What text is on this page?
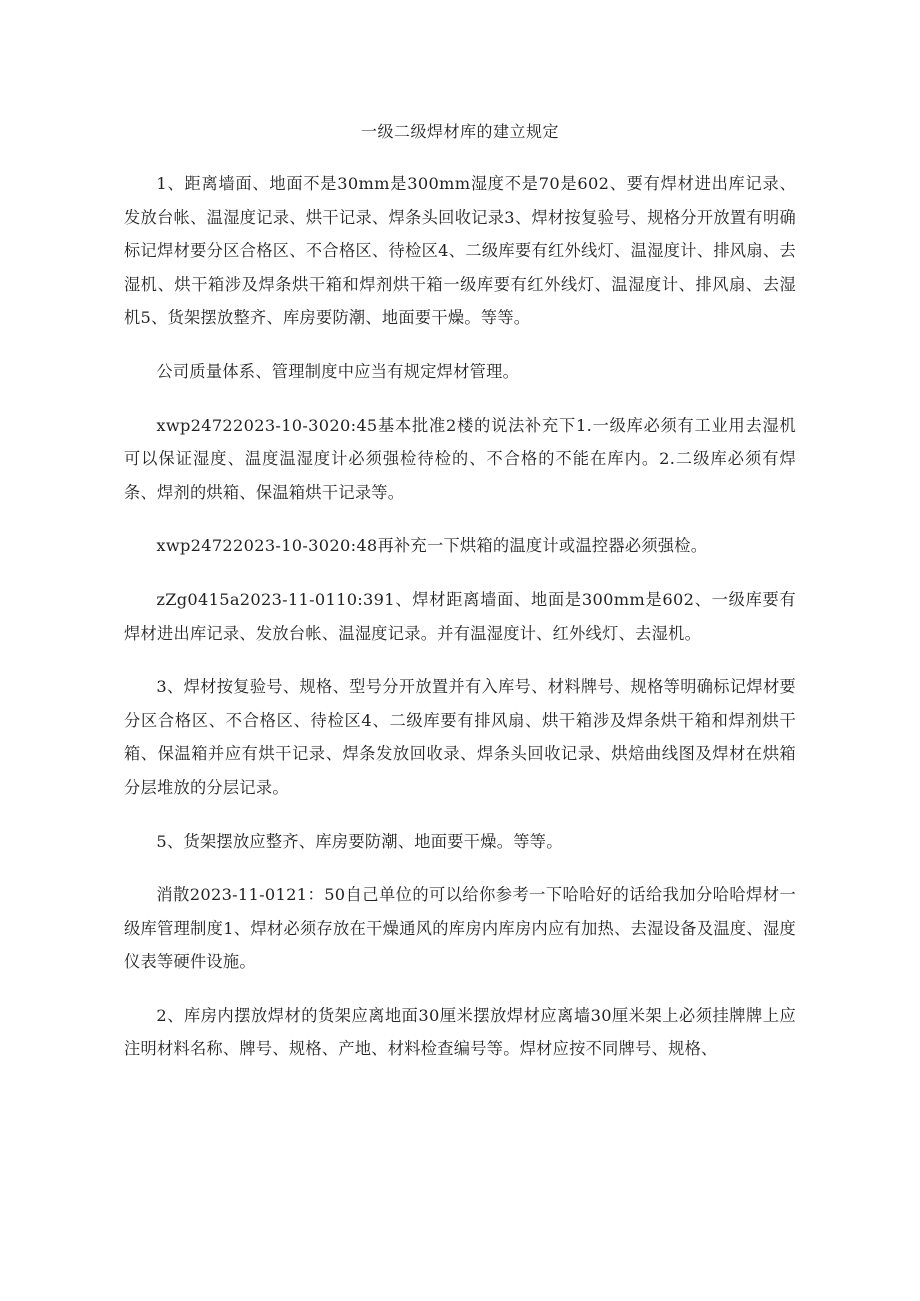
一级二级焊材库的建立规定

1、距离墙面、地面不是30mm是300mm湿度不是70是602、要有焊材进出库记录、发放台帐、温湿度记录、烘干记录、焊条头回收记录3、焊材按复验号、规格分开放置有明确标记焊材要分区合格区、不合格区、待检区4、二级库要有红外线灯、温湿度计、排风扇、去湿机、烘干箱涉及焊条烘干箱和焊剂烘干箱一级库要有红外线灯、温湿度计、排风扇、去湿机5、货架摆放整齐、库房要防潮、地面要干燥。等等。

公司质量体系、管理制度中应当有规定焊材管理。

xwp24722023-10-3020:45基本批准2楼的说法补充下1.一级库必须有工业用去湿机可以保证湿度、温度温湿度计必须强检待检的、不合格的不能在库内。2.二级库必须有焊条、焊剂的烘箱、保温箱烘干记录等。

xwp24722023-10-3020:48再补充一下烘箱的温度计或温控器必须强检。

zZg0415a2023-11-0110:391、焊材距离墙面、地面是300mm是602、一级库要有焊材进出库记录、发放台帐、温湿度记录。并有温湿度计、红外线灯、去湿机。

3、焊材按复验号、规格、型号分开放置并有入库号、材料牌号、规格等明确标记焊材要分区合格区、不合格区、待检区4、二级库要有排风扇、烘干箱涉及焊条烘干箱和焊剂烘干箱、保温箱并应有烘干记录、焊条发放回收录、焊条头回收记录、烘焙曲线图及焊材在烘箱分层堆放的分层记录。

5、货架摆放应整齐、库房要防潮、地面要干燥。等等。

消散2023-11-0121：50自己单位的可以给你参考一下哈哈好的话给我加分哈哈焊材一级库管理制度1、焊材必须存放在干燥通风的库房内库房内应有加热、去湿设备及温度、湿度仪表等硬件设施。

2、库房内摆放焊材的货架应离地面30厘米摆放焊材应离墙30厘米架上必须挂牌牌上应注明材料名称、牌号、规格、产地、材料检查编号等。焊材应按不同牌号、规格、
